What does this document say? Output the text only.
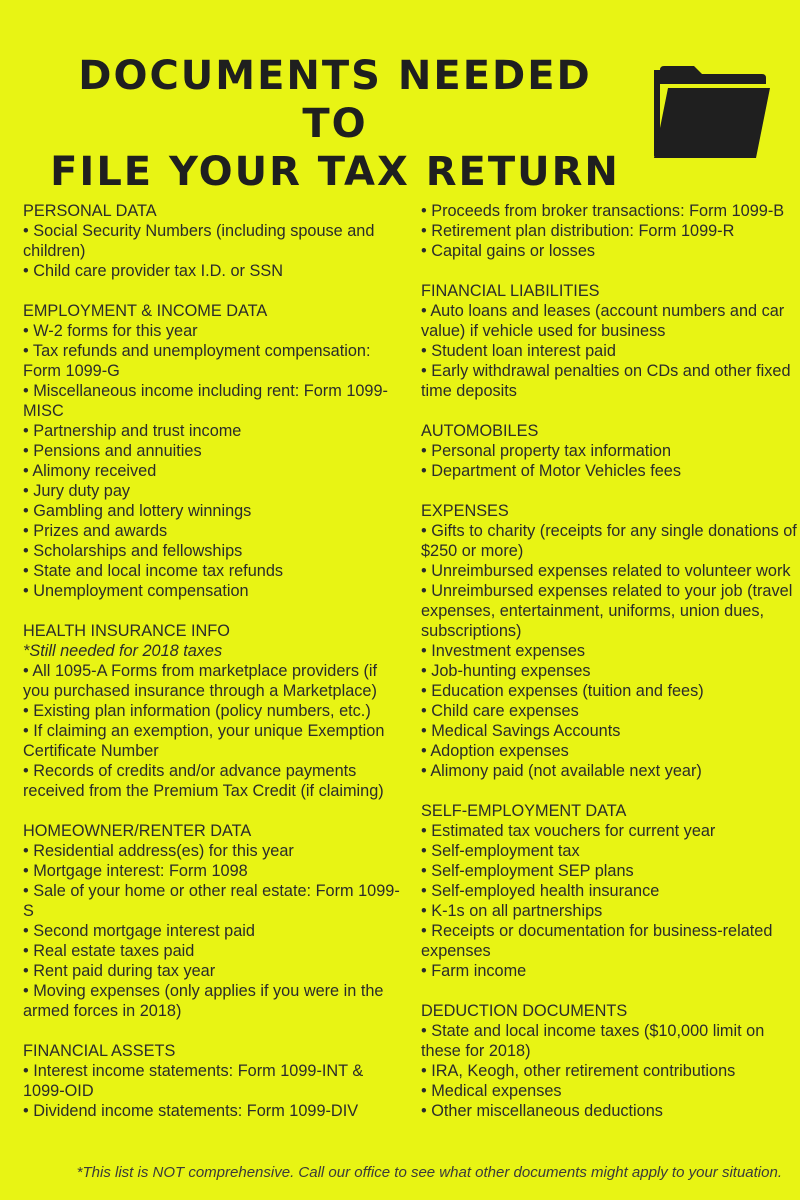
DOCUMENTS NEEDED TO
FILE YOUR TAX RETURN
PERSONAL DATA
• Social Security Numbers (including spouse and children)
• Child care provider tax I.D. or SSN
EMPLOYMENT & INCOME DATA
• W-2 forms for this year
• Tax refunds and unemployment compensation: Form 1099-G
• Miscellaneous income including rent: Form 1099-MISC
• Partnership and trust income
• Pensions and annuities
• Alimony received
• Jury duty pay
• Gambling and lottery winnings
• Prizes and awards
• Scholarships and fellowships
• State and local income tax refunds
• Unemployment compensation
HEALTH INSURANCE INFO
*Still needed for 2018 taxes
• All 1095-A Forms from marketplace providers (if you purchased insurance through a Marketplace)
• Existing plan information (policy numbers, etc.)
• If claiming an exemption, your unique Exemption Certificate Number
• Records of credits and/or advance payments received from the Premium Tax Credit (if claiming)
HOMEOWNER/RENTER DATA
• Residential address(es) for this year
• Mortgage interest: Form 1098
• Sale of your home or other real estate: Form 1099-S
• Second mortgage interest paid
• Real estate taxes paid
• Rent paid during tax year
• Moving expenses (only applies if you were in the armed forces in 2018)
FINANCIAL ASSETS
• Interest income statements: Form 1099-INT & 1099-OID
• Dividend income statements: Form 1099-DIV
• Proceeds from broker transactions: Form 1099-B
• Retirement plan distribution: Form 1099-R
• Capital gains or losses
FINANCIAL LIABILITIES
• Auto loans and leases (account numbers and car value) if vehicle used for business
• Student loan interest paid
• Early withdrawal penalties on CDs and other fixed time deposits
AUTOMOBILES
• Personal property tax information
• Department of Motor Vehicles fees
EXPENSES
• Gifts to charity (receipts for any single donations of $250 or more)
• Unreimbursed expenses related to volunteer work
• Unreimbursed expenses related to your job (travel expenses, entertainment, uniforms, union dues, subscriptions)
• Investment expenses
• Job-hunting expenses
• Education expenses (tuition and fees)
• Child care expenses
• Medical Savings Accounts
• Adoption expenses
• Alimony paid (not available next year)
SELF-EMPLOYMENT DATA
• Estimated tax vouchers for current year
• Self-employment tax
• Self-employment SEP plans
• Self-employed health insurance
• K-1s on all partnerships
• Receipts or documentation for business-related expenses
• Farm income
DEDUCTION DOCUMENTS
• State and local income taxes ($10,000 limit on these for 2018)
• IRA, Keogh, other retirement contributions
• Medical expenses
• Other miscellaneous deductions
*This list is NOT comprehensive. Call our office to see what other documents might apply to your situation.
